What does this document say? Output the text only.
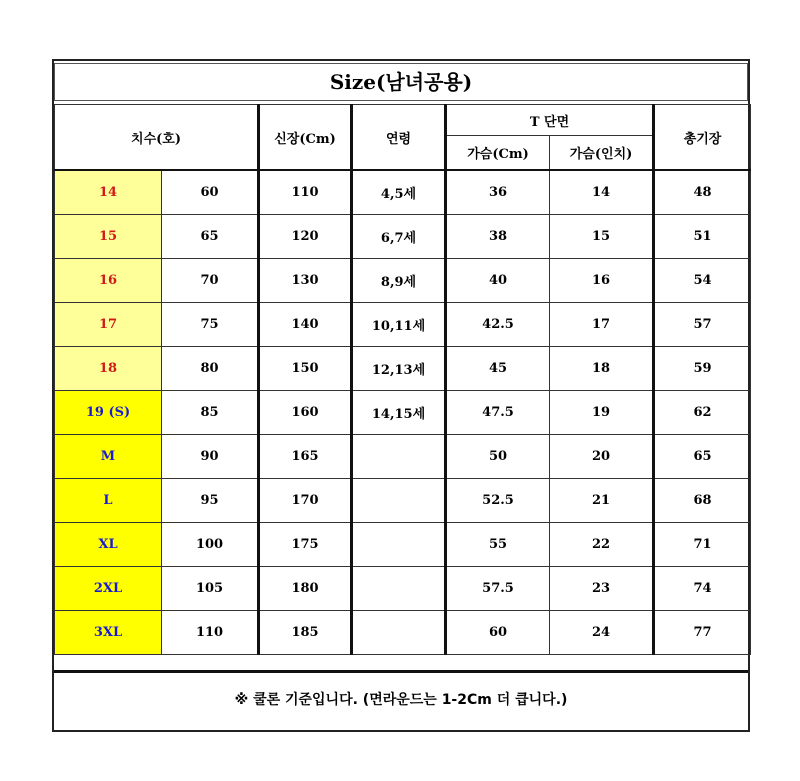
Size(남녀공용)
치수(호)		신장(Cm)	연령	T 단면		총기장
				가슴(Cm)	가슴(인치)	
14	60	110	4,5세	36	14	48
15	65	120	6,7세	38	15	51
16	70	130	8,9세	40	16	54
17	75	140	10,11세	42.5	17	57
18	80	150	12,13세	45	18	59
19 (S)	85	160	14,15세	47.5	19	62
M	90	165		50	20	65
L	95	170		52.5	21	68
XL	100	175		55	22	71
2XL	105	180		57.5	23	74
3XL	110	185		60	24	77
※ 쿨론 기준입니다. (면라운드는 1-2Cm 더 큽니다.)
